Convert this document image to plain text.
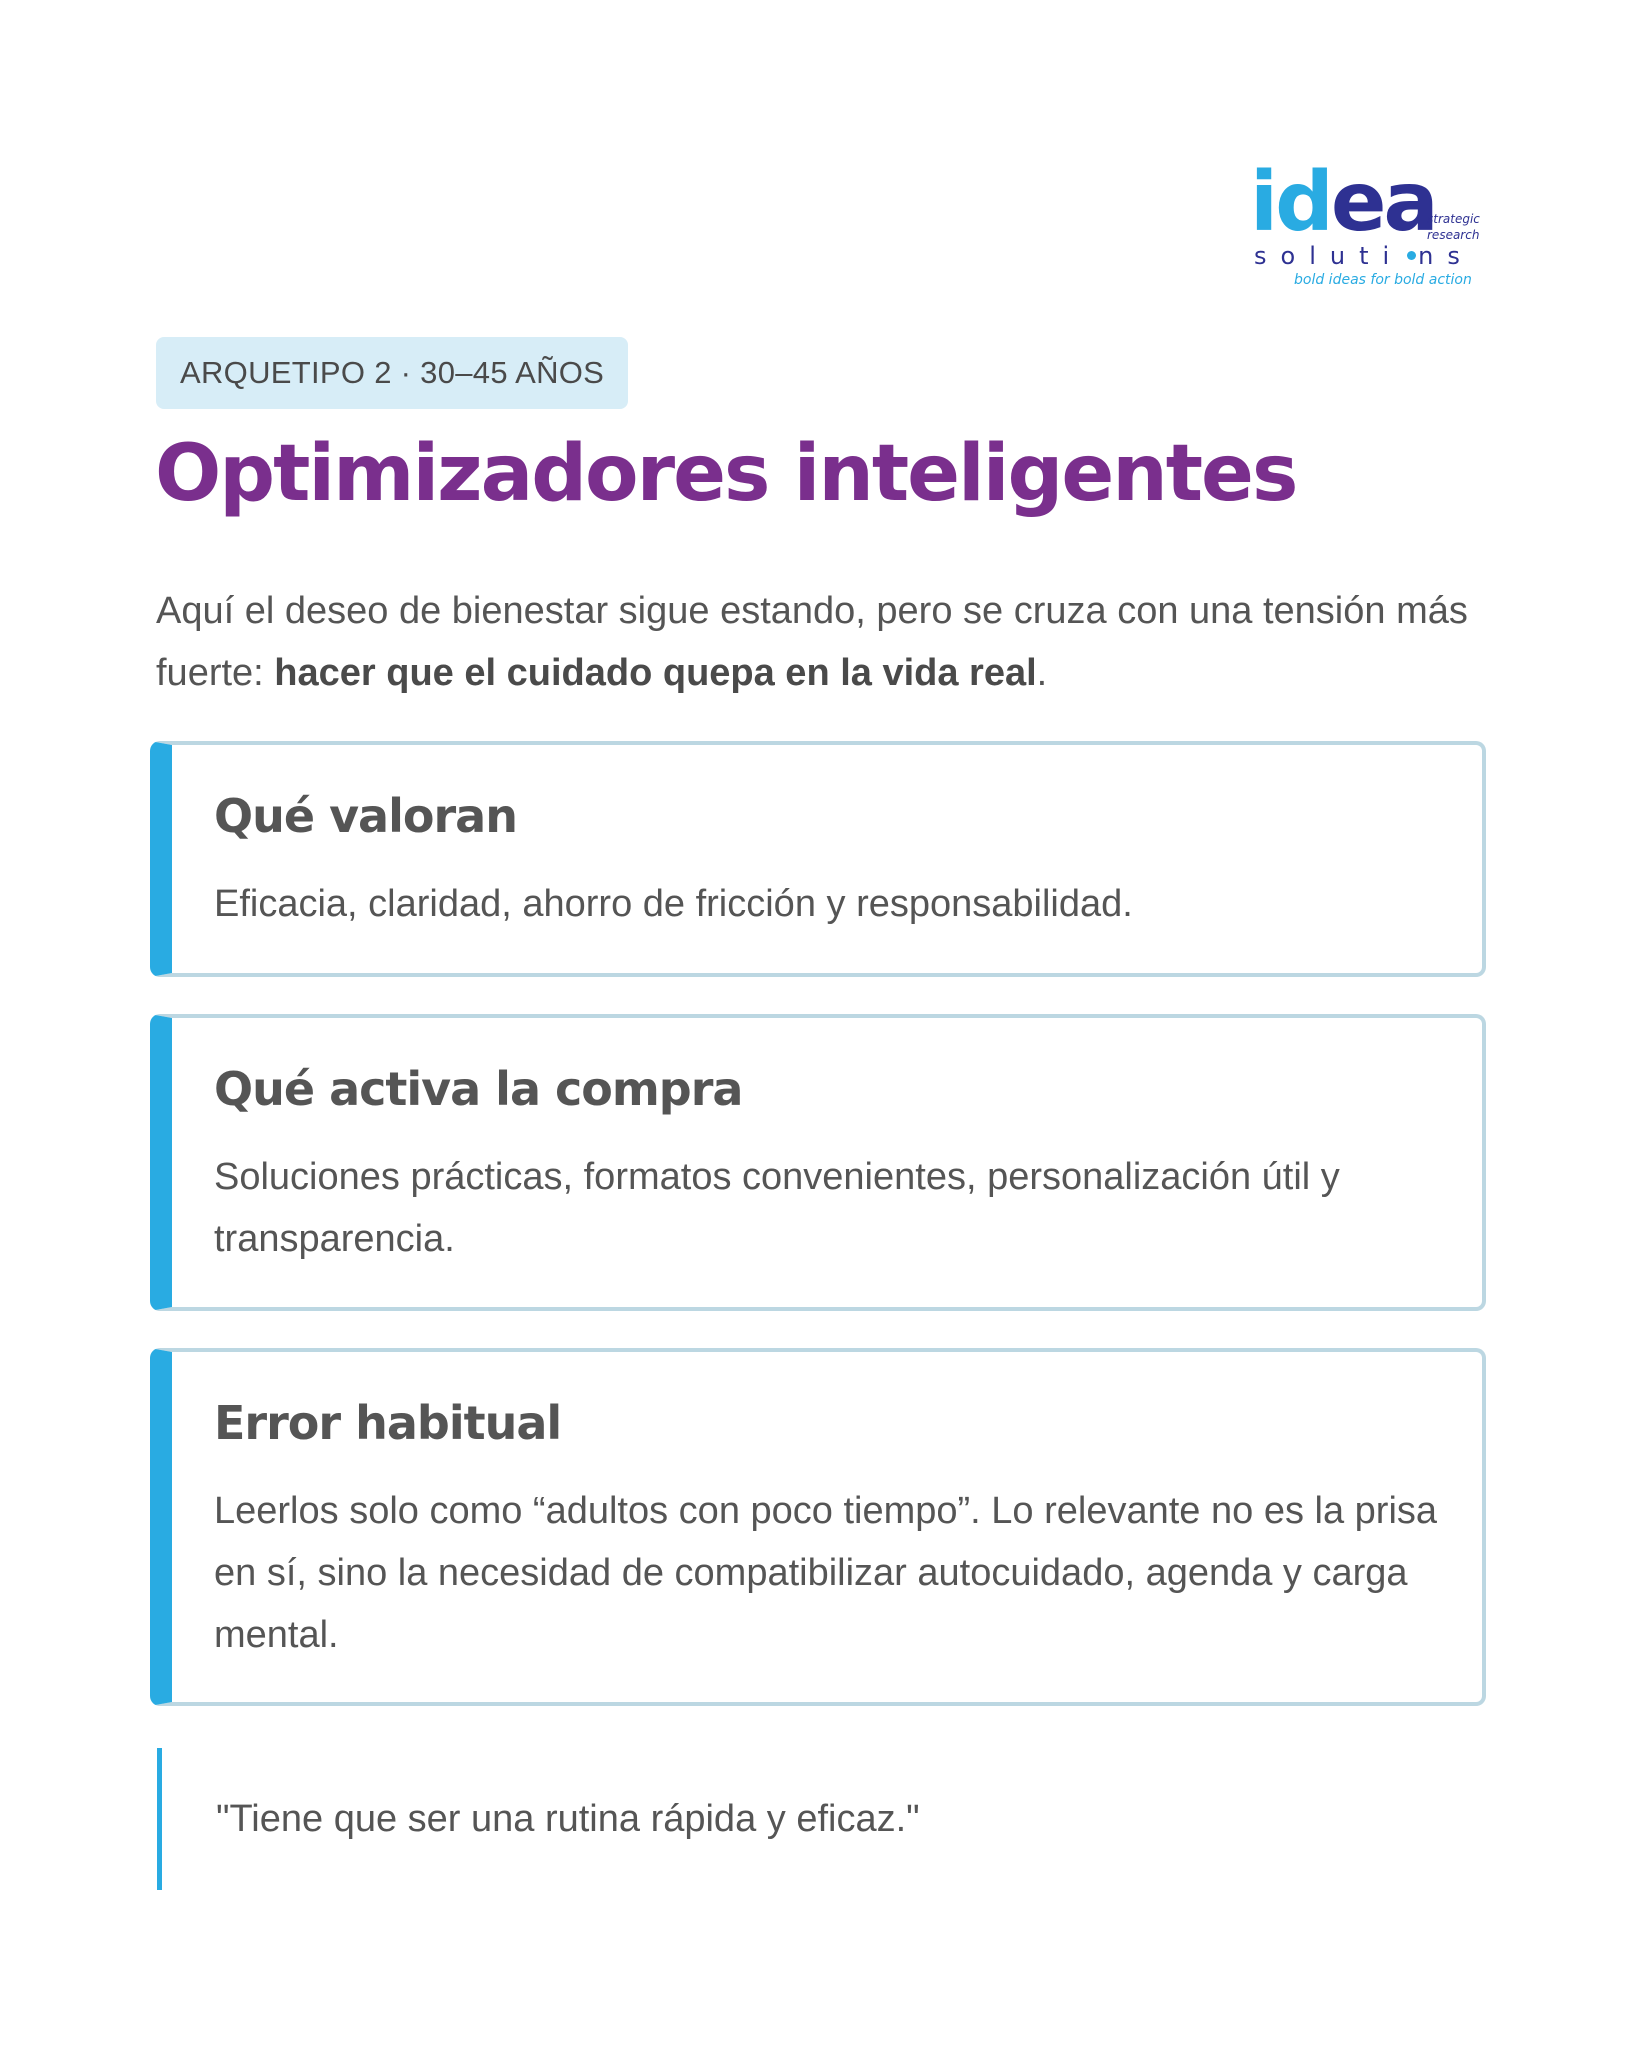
idea
strategic
research
soluti ns
bold ideas for bold action
ARQUETIPO 2 · 30–45 AÑOS
Optimizadores inteligentes

Aquí el deseo de bienestar sigue estando, pero se cruza con una tensión más fuerte: hacer que el cuidado quepa en la vida real.

Qué valoran

Eficacia, claridad, ahorro de fricción y responsabilidad.

Qué activa la compra

Soluciones prácticas, formatos convenientes, personalización útil y transparencia.

Error habitual

Leerlos solo como “adultos con poco tiempo”. Lo relevante no es la prisa en sí, sino la necesidad de compatibilizar autocuidado, agenda y carga mental.

"Tiene que ser una rutina rápida y eficaz."
